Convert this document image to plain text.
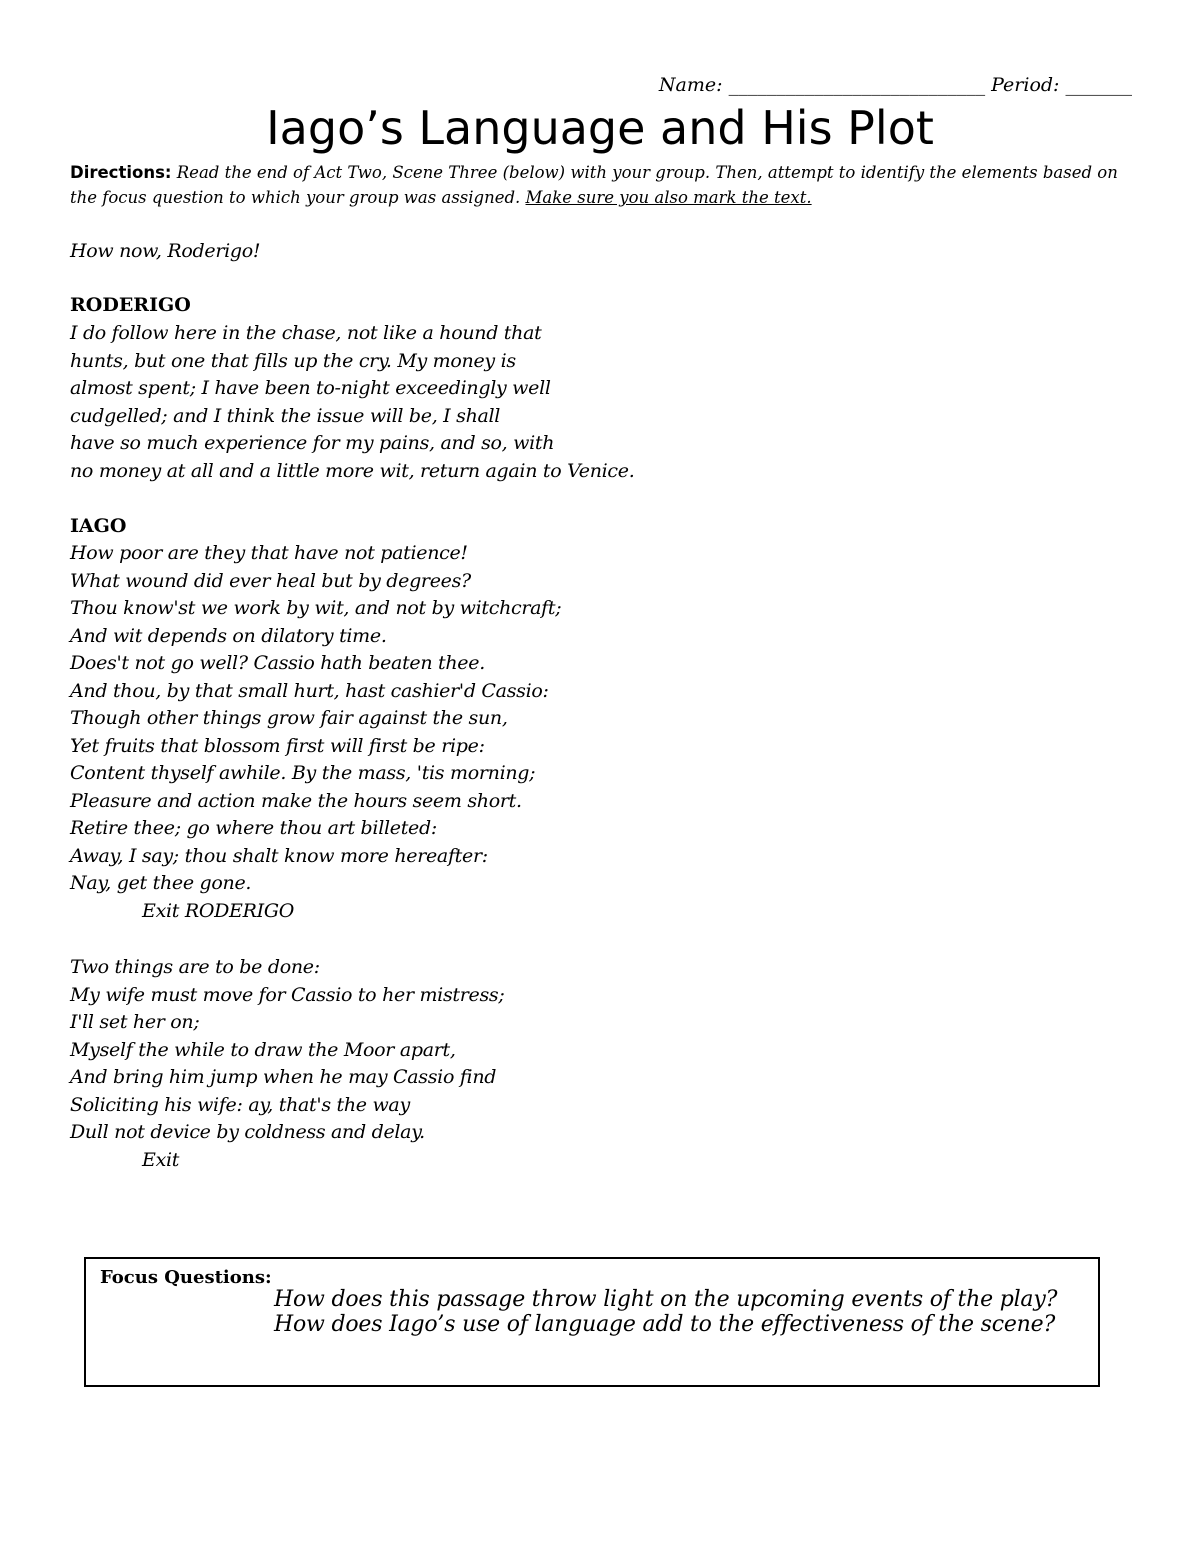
Name: ___________________________ Period: _______
Iago’s Language and His Plot
Directions: Read the end of Act Two, Scene Three (below) with your group. Then, attempt to identify the elements based on the focus question to which your group was assigned. Make sure you also mark the text.
How now, Roderigo!
RODERIGO
I do follow here in the chase, not like a hound that
hunts, but one that fills up the cry. My money is
almost spent; I have been to-night exceedingly well
cudgelled; and I think the issue will be, I shall
have so much experience for my pains, and so, with
no money at all and a little more wit, return again to Venice.
IAGO
How poor are they that have not patience!
What wound did ever heal but by degrees?
Thou know'st we work by wit, and not by witchcraft;
And wit depends on dilatory time.
Does't not go well? Cassio hath beaten thee.
And thou, by that small hurt, hast cashier'd Cassio:
Though other things grow fair against the sun,
Yet fruits that blossom first will first be ripe:
Content thyself awhile. By the mass, 'tis morning;
Pleasure and action make the hours seem short.
Retire thee; go where thou art billeted:
Away, I say; thou shalt know more hereafter:
Nay, get thee gone.
Exit RODERIGO
Two things are to be done:
My wife must move for Cassio to her mistress;
I'll set her on;
Myself the while to draw the Moor apart,
And bring him jump when he may Cassio find
Soliciting his wife: ay, that's the way
Dull not device by coldness and delay.
Exit
Focus Questions:
How does this passage throw light on the upcoming events of the play?
How does Iago’s use of language add to the effectiveness of the scene?
